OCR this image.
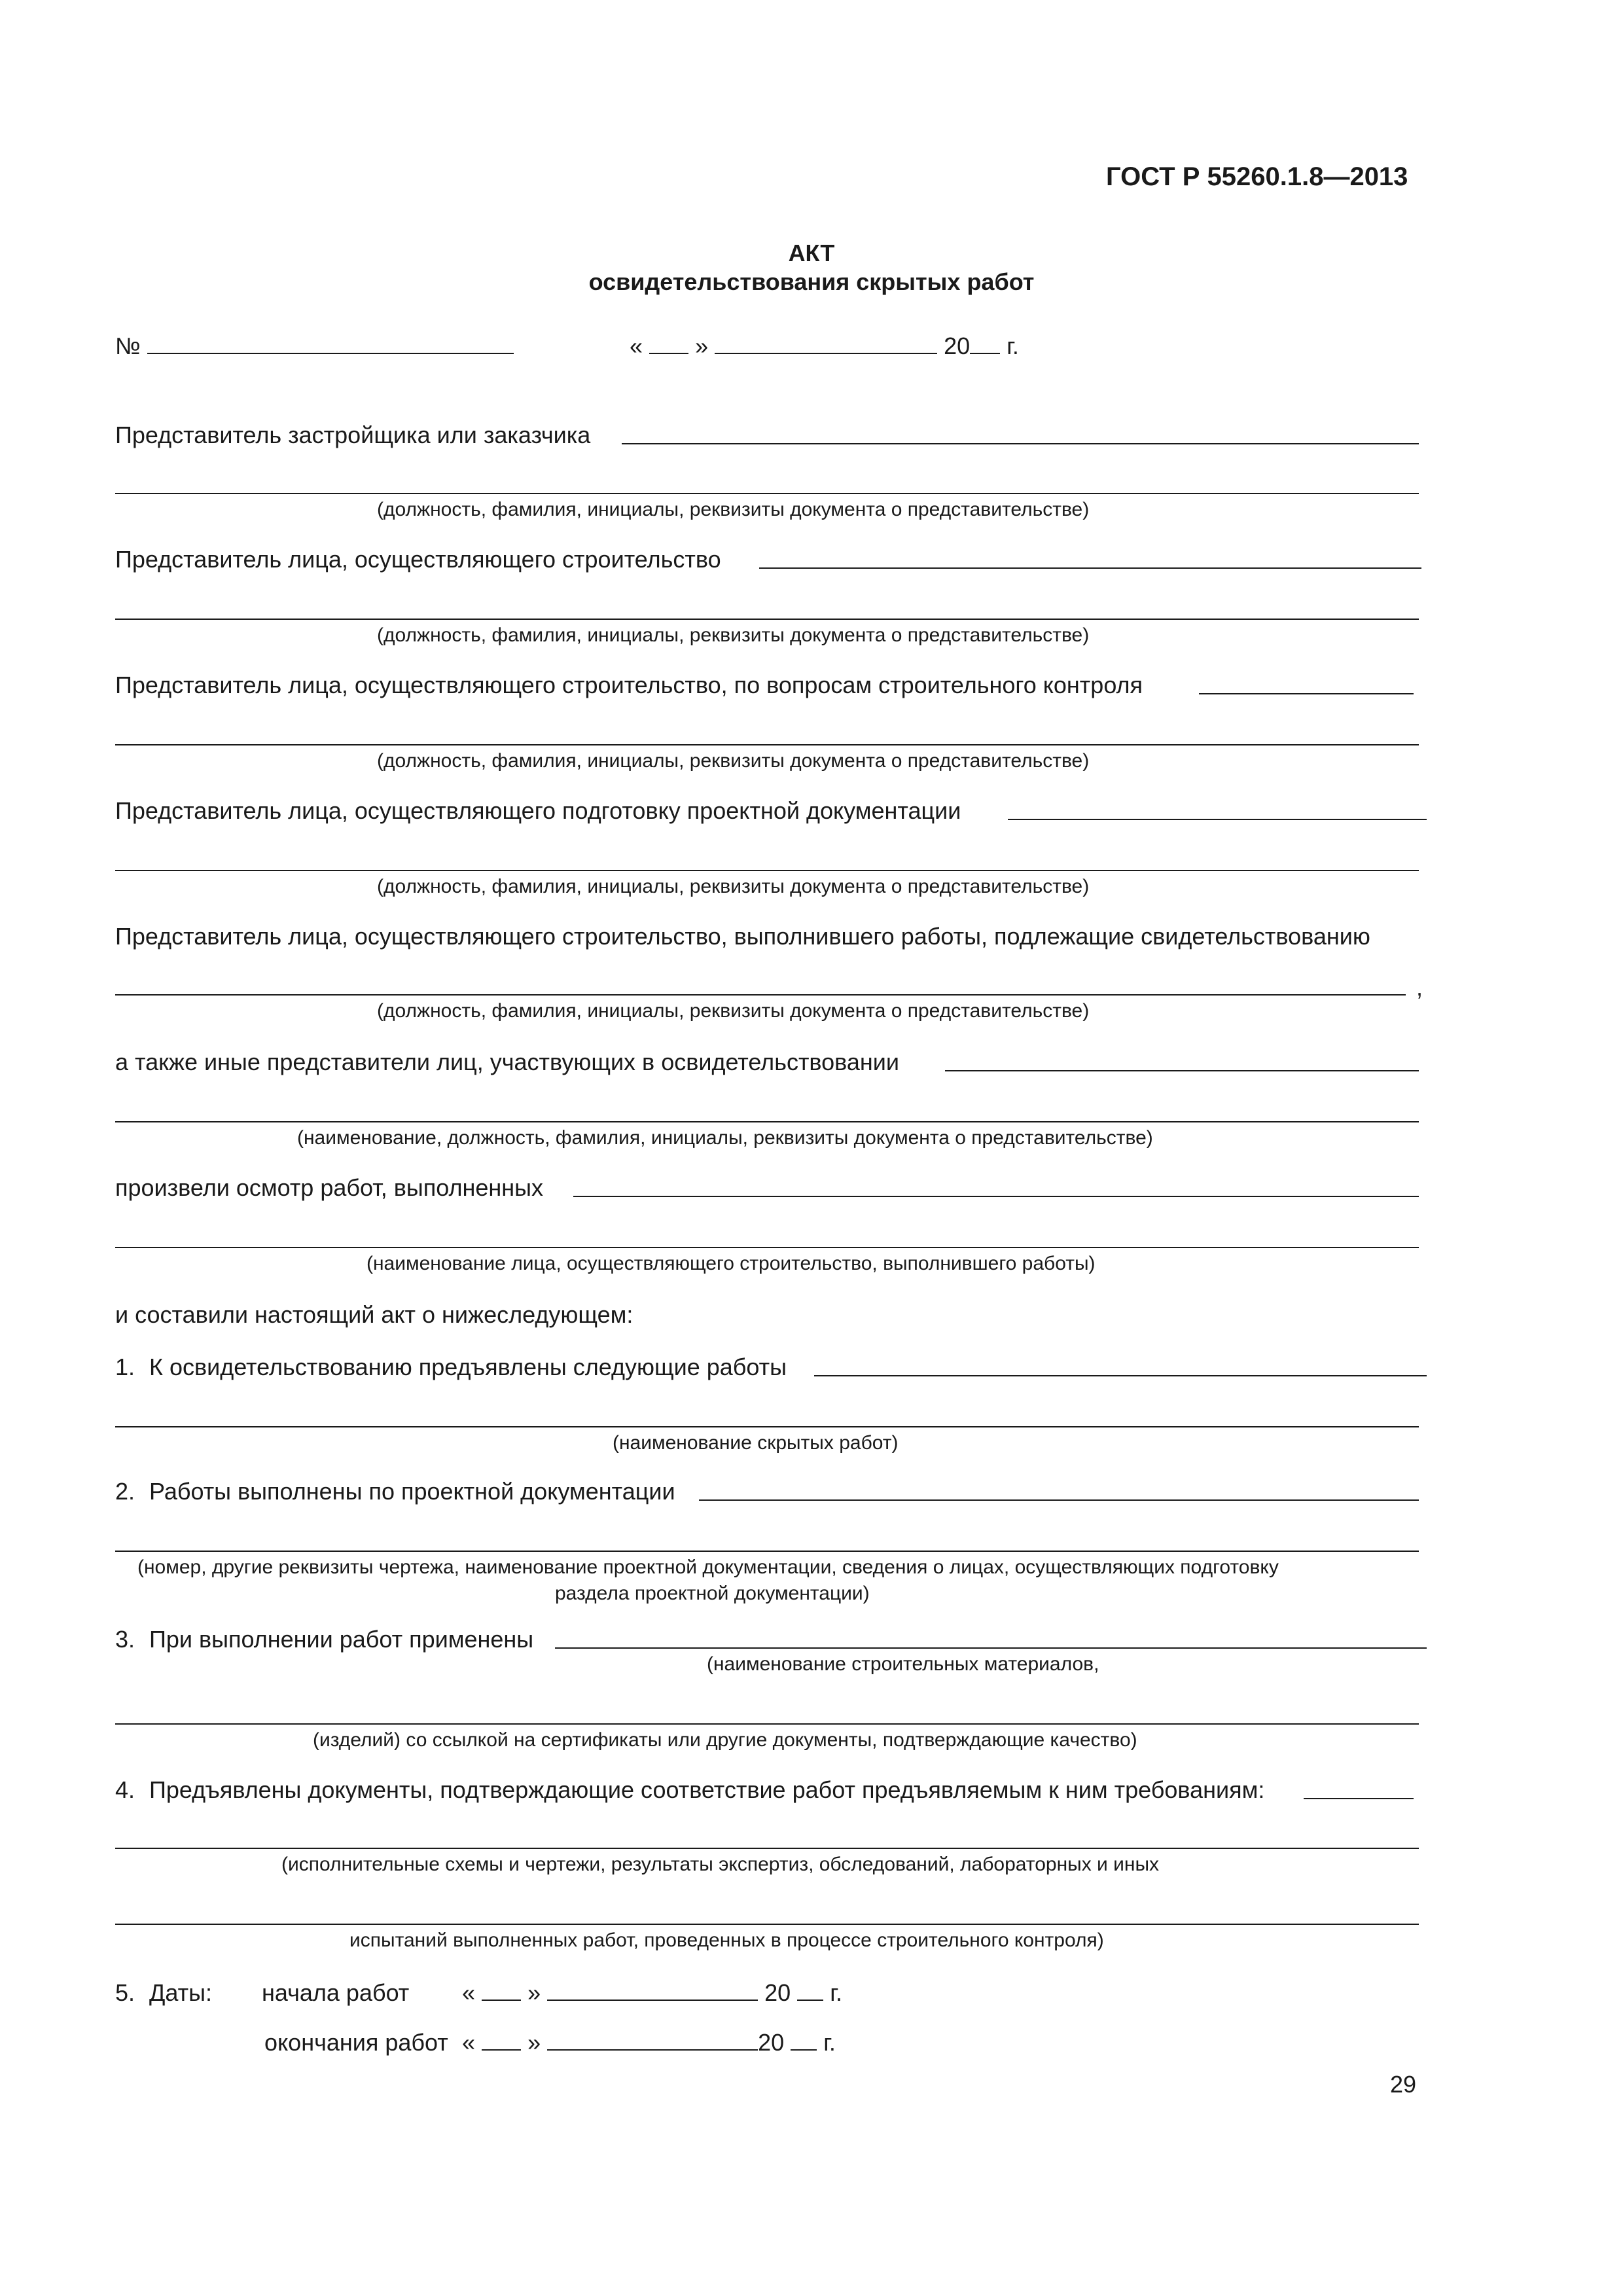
ГОСТ Р 55260.1.8—2013
АКТ
освидетельствования скрытых работ
№	« »	20 г.
Представитель застройщика или заказчика
(должность, фамилия, инициалы, реквизиты документа о представительстве)
Представитель лица, осуществляющего строительство
(должность, фамилия, инициалы, реквизиты документа о представительстве)
Представитель лица, осуществляющего строительство, по вопросам строительного контроля
(должность, фамилия, инициалы, реквизиты документа о представительстве)
Представитель лица, осуществляющего подготовку проектной документации
(должность, фамилия, инициалы, реквизиты документа о представительстве)
Представитель лица, осуществляющего строительство, выполнившего работы, подлежащие свидетельствованию
,
(должность, фамилия, инициалы, реквизиты документа о представительстве)
а также иные представители лиц, участвующих в освидетельствовании
(наименование, должность, фамилия, инициалы, реквизиты документа о представительстве)
произвели осмотр работ, выполненных
(наименование лица, осуществляющего строительство, выполнившего работы)
и составили настоящий акт о нижеследующем:
1. К освидетельствованию предъявлены следующие работы
(наименование скрытых работ)
2. Работы выполнены по проектной документации
(номер, другие реквизиты чертежа, наименование проектной документации, сведения о лицах, осуществляющих подготовку
раздела проектной документации)
3. При выполнении работ применены
(наименование строительных материалов,
(изделий) со ссылкой на сертификаты или другие документы, подтверждающие качество)
4. Предъявлены документы, подтверждающие соответствие работ предъявляемым к ним требованиям:
(исполнительные схемы и чертежи, результаты экспертиз, обследований, лабораторных и иных
испытаний выполненных работ, проведенных в процессе строительного контроля)
5. Даты: начала работ « »	20 г.
окончания работ « »	20 г.
29
